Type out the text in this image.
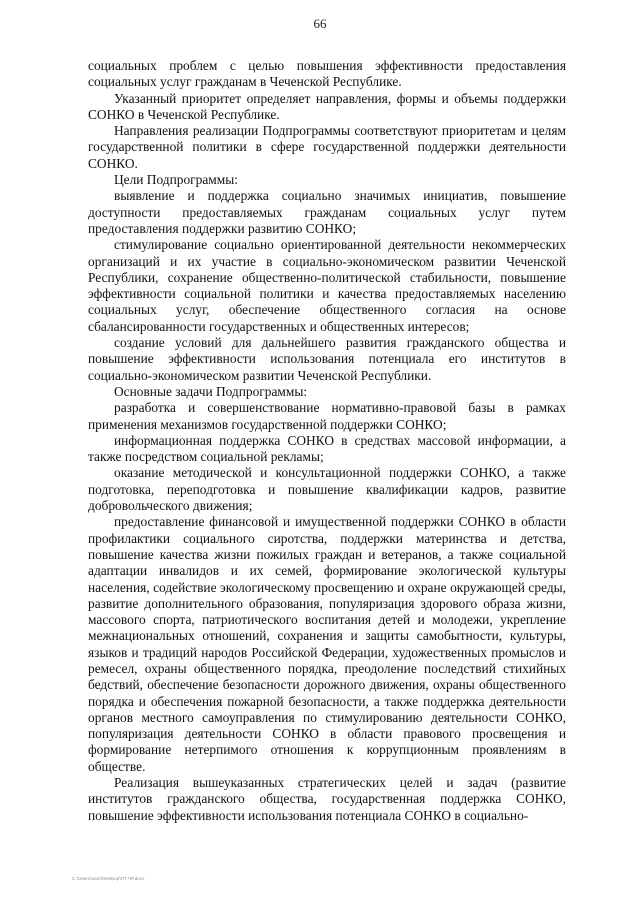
66

социальных проблем с целью повышения эффективности предоставления социальных услуг гражданам в Чеченской Республике.

Указанный приоритет определяет направления, формы и объемы поддержки СОНКО в Чеченской Республике.

Направления реализации Подпрограммы соответствуют приоритетам и целям государственной политики в сфере государственной поддержки деятельности СОНКО.

Цели Подпрограммы:

выявление и поддержка социально значимых инициатив, повышение доступности предоставляемых гражданам социальных услуг путем предоставления поддержки развитию СОНКО;

стимулирование социально ориентированной деятельности некоммерческих организаций и их участие в социально-экономическом развитии Чеченской Республики, сохранение общественно-политической стабильности, повышение эффективности социальной политики и качества предоставляемых населению социальных услуг, обеспечение общественного согласия на основе сбалансированности государственных и общественных интересов;

создание условий для дальнейшего развития гражданского общества и повышение эффективности использования потенциала его институтов в социально-экономическом развитии Чеченской Республики.

Основные задачи Подпрограммы:

разработка и совершенствование нормативно-правовой базы в рамках применения механизмов государственной поддержки СОНКО;

информационная поддержка СОНКО в средствах массовой информации, а также посредством социальной рекламы;

оказание методической и консультационной поддержки СОНКО, а также подготовка, переподготовка и повышение квалификации кадров, развитие добровольческого движения;

предоставление финансовой и имущественной поддержки СОНКО в области профилактики социального сиротства, поддержки материнства и детства, повышение качества жизни пожилых граждан и ветеранов, а также социальной адаптации инвалидов и их семей, формирование экологической культуры населения, содействие экологическому просвещению и охране окружающей среды, развитие дополнительного образования, популяризация здорового образа жизни, массового спорта, патриотического воспитания детей и молодежи, укрепление межнациональных отношений, сохранения и защиты самобытности, культуры, языков и традиций народов Российской Федерации, художественных промыслов и ремесел, охраны общественного порядка, преодоление последствий стихийных бедствий, обеспечение безопасности дорожного движения, охраны общественного порядка и обеспечения пожарной безопасности, а также поддержка деятельности органов местного самоуправления по стимулированию деятельности СОНКО, популяризация деятельности СОНКО в области правового просвещения и формирование нетерпимого отношения к коррупционным проявлениям в обществе.

Реализация вышеуказанных стратегических целей и задач (развитие институтов гражданского общества, государственная поддержка СОНКО, повышение эффективности использования потенциала СОНКО в социально-

C:\Users\user\Desktop\ГП ЧР.docx
